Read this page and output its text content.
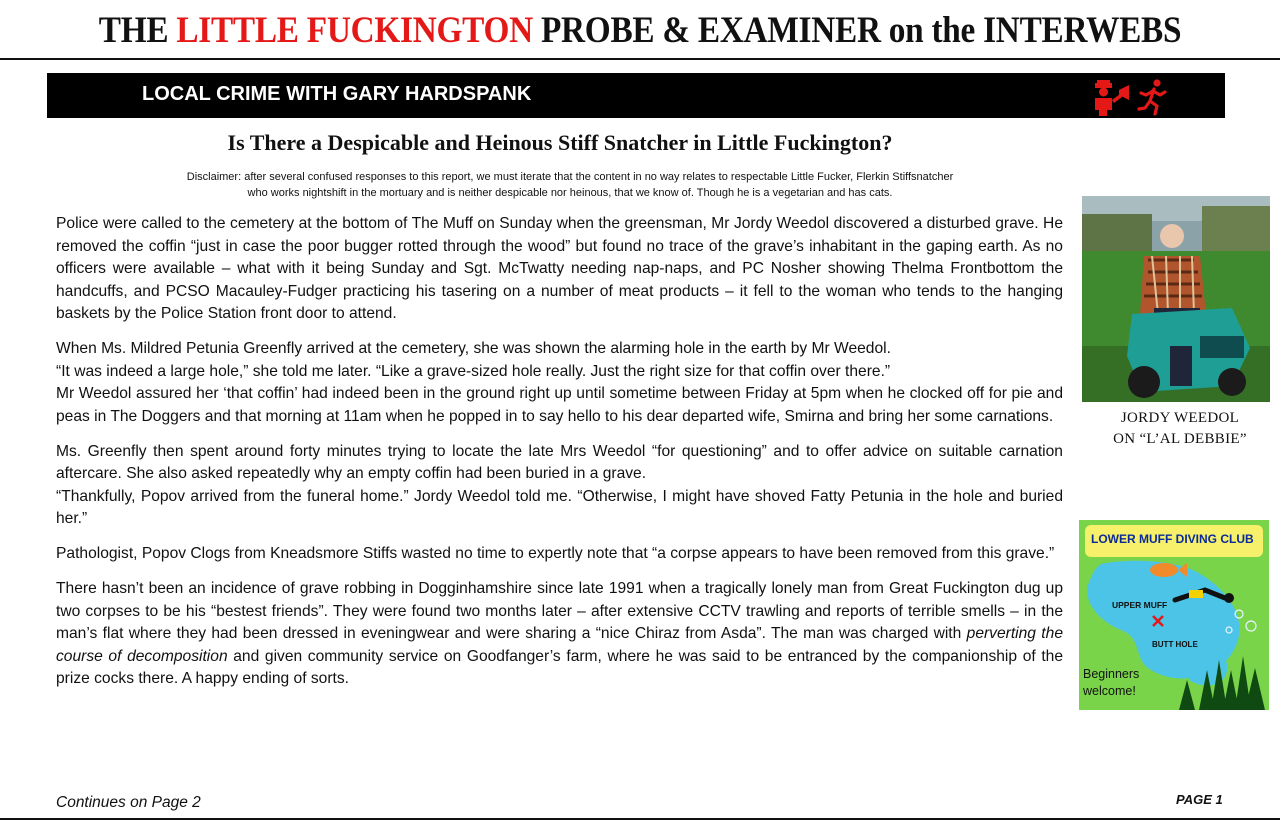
THE LITTLE FUCKINGTON PROBE & EXAMINER on the INTERWEBS
LOCAL CRIME WITH GARY HARDSPANK
Is There a Despicable and Heinous Stiff Snatcher in Little Fuckington?
Disclaimer: after several confused responses to this report, we must iterate that the content in no way relates to respectable Little Fucker, Flerkin Stiffsnatcher
who works nightshift in the mortuary and is neither despicable nor heinous, that we know of. Though he is a vegetarian and has cats.

Police were called to the cemetery at the bottom of The Muff on Sunday when the greensman, Mr Jordy Weedol discovered a disturbed grave. He removed the coffin “just in case the poor bugger rotted through the wood” but found no trace of the grave’s inhabitant in the gaping earth. As no officers were available – what with it being Sunday and Sgt. McTwatty needing nap-naps, and PC Nosher showing Thelma Frontbottom the handcuffs, and PCSO Macauley-Fudger practicing his tasering on a number of meat products – it fell to the woman who tends to the hanging baskets by the Police Station front door to attend.

When Ms. Mildred Petunia Greenfly arrived at the cemetery, she was shown the alarming hole in the earth by Mr Weedol.
“It was indeed a large hole,” she told me later. “Like a grave-sized hole really. Just the right size for that coffin over there.”
Mr Weedol assured her ‘that coffin’ had indeed been in the ground right up until sometime between Friday at 5pm when he clocked off for pie and peas in The Doggers and that morning at 11am when he popped in to say hello to his dear departed wife, Smirna and bring her some carnations.

Ms. Greenfly then spent around forty minutes trying to locate the late Mrs Weedol “for questioning” and to offer advice on suitable carnation aftercare. She also asked repeatedly why an empty coffin had been buried in a grave.
“Thankfully, Popov arrived from the funeral home.” Jordy Weedol told me. “Otherwise, I might have shoved Fatty Petunia in the hole and buried her.”

Pathologist, Popov Clogs from Kneadsmore Stiffs wasted no time to expertly note that “a corpse appears to have been removed from this grave.”

There hasn’t been an incidence of grave robbing in Dogginhamshire since late 1991 when a tragically lonely man from Great Fuckington dug up two corpses to be his “bestest friends”. They were found two months later – after extensive CCTV trawling and reports of terrible smells – in the man’s flat where they had been dressed in eveningwear and were sharing a “nice Chiraz from Asda”. The man was charged with perverting the course of decomposition and given community service on Goodfanger’s farm, where he was said to be entranced by the companionship of the prize cocks there. A happy ending of sorts.

JORDY WEEDOL
ON “L’AL DEBBIE”
LOWER MUFF DIVING CLUB
UPPER MUFF
BUTT HOLE
Beginners
welcome!
Continues on Page 2	PAGE 1
